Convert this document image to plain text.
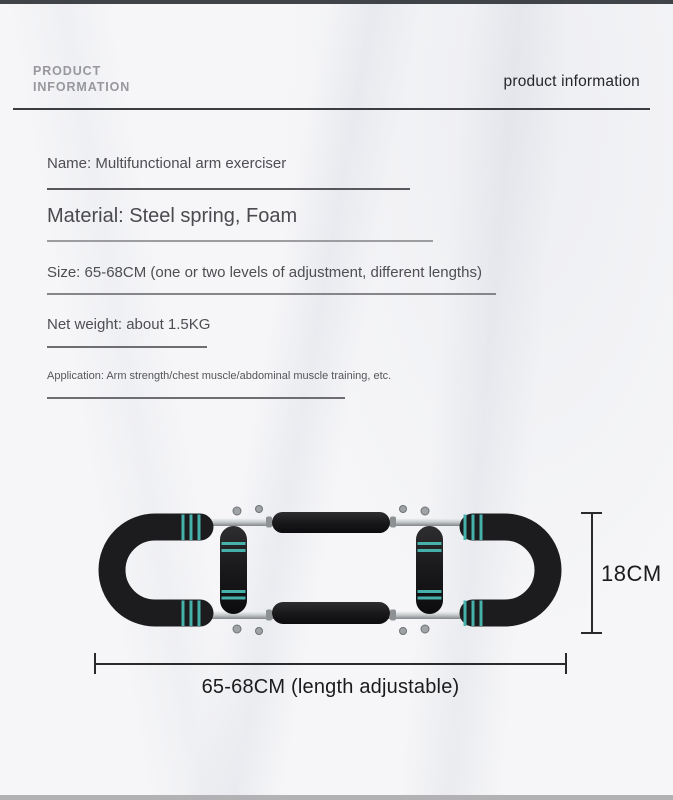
PRODUCT
INFORMATION	product information
Name: Multifunctional arm exerciser
Material: Steel spring, Foam
Size: 65-68CM (one or two levels of adjustment, different lengths)
Net weight: about 1.5KG
Application: Arm strength/chest muscle/abdominal muscle training, etc.
18CM
65-68CM (length adjustable)
